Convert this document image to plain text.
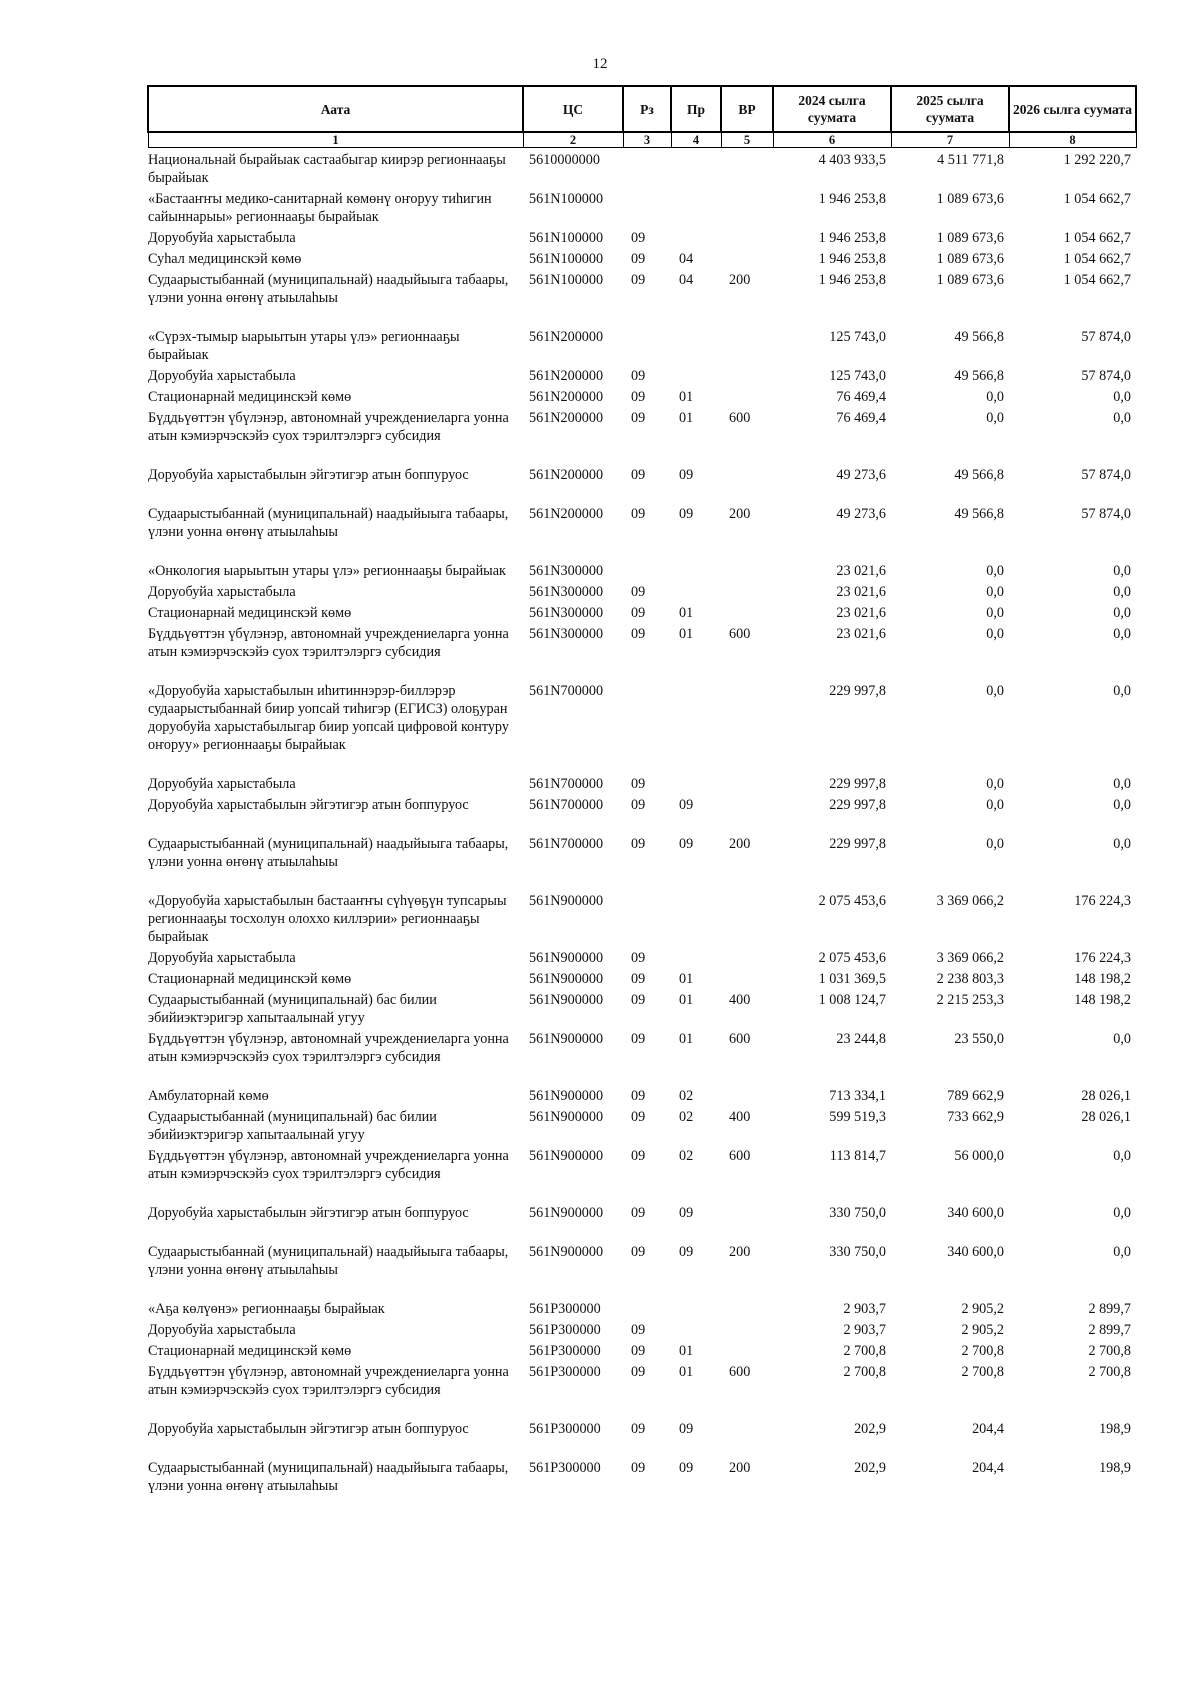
12
Аата	ЦС	Рз	Пр	ВР	2024 сылга суумата	2025 сылга суумата	2026 сылга суумата
1	2	3	4	5	6	7	8
Национальнай бырайыак састаабыгар киирэр регионнааҕы бырайыак	5610000000				4 403 933,5	4 511 771,8	1 292 220,7
«Бастааҥҥы медико-санитарнай көмөнү оҥоруу тиһигин сайыннарыы» регионнааҕы бырайыак	561N100000				1 946 253,8	1 089 673,6	1 054 662,7
Доруобуйа харыстабыла	561N100000	09			1 946 253,8	1 089 673,6	1 054 662,7
Суһал медицинскэй көмө	561N100000	09	04		1 946 253,8	1 089 673,6	1 054 662,7
Судаарыстыбаннай (муниципальнай) наадыйыыга табаары, үлэни уонна өҥөнү атыылаһыы	561N100000	09	04	200	1 946 253,8	1 089 673,6	1 054 662,7
«Сүрэх-тымыр ыарыытын утары үлэ» регионнааҕы бырайыак	561N200000				125 743,0	49 566,8	57 874,0
Доруобуйа харыстабыла	561N200000	09			125 743,0	49 566,8	57 874,0
Стационарнай медицинскэй көмө	561N200000	09	01		76 469,4	0,0	0,0
Бүддьүөттэн үбүлэнэр, автономнай учреждениеларга уонна атын кэмиэрчэскэйэ суох тэрилтэлэргэ субсидия	561N200000	09	01	600	76 469,4	0,0	0,0
Доруобуйа харыстабылын эйгэтигэр атын боппуруос	561N200000	09	09		49 273,6	49 566,8	57 874,0
Судаарыстыбаннай (муниципальнай) наадыйыыга табаары, үлэни уонна өҥөнү атыылаһыы	561N200000	09	09	200	49 273,6	49 566,8	57 874,0
«Онкология ыарыытын утары үлэ» регионнааҕы бырайыак	561N300000				23 021,6	0,0	0,0
Доруобуйа харыстабыла	561N300000	09			23 021,6	0,0	0,0
Стационарнай медицинскэй көмө	561N300000	09	01		23 021,6	0,0	0,0
Бүддьүөттэн үбүлэнэр, автономнай учреждениеларга уонна атын кэмиэрчэскэйэ суох тэрилтэлэргэ субсидия	561N300000	09	01	600	23 021,6	0,0	0,0
«Доруобуйа харыстабылын иһитиннэрэр-биллэрэр судаарыстыбаннай биир уопсай тиһигэр (ЕГИСЗ) олоҕуран доруобуйа харыстабылыгар биир уопсай цифровой контуру оҥоруу» регионнааҕы бырайыак	561N700000				229 997,8	0,0	0,0
Доруобуйа харыстабыла	561N700000	09			229 997,8	0,0	0,0
Доруобуйа харыстабылын эйгэтигэр атын боппуруос	561N700000	09	09		229 997,8	0,0	0,0
Судаарыстыбаннай (муниципальнай) наадыйыыга табаары, үлэни уонна өҥөнү атыылаһыы	561N700000	09	09	200	229 997,8	0,0	0,0
«Доруобуйа харыстабылын бастааҥҥы сүһүөҕүн тупсарыы регионнааҕы тосхолун олоххо киллэрии» регионнааҕы бырайыак	561N900000				2 075 453,6	3 369 066,2	176 224,3
Доруобуйа харыстабыла	561N900000	09			2 075 453,6	3 369 066,2	176 224,3
Стационарнай медицинскэй көмө	561N900000	09	01		1 031 369,5	2 238 803,3	148 198,2
Судаарыстыбаннай (муниципальнай) бас билии эбийиэктэригэр хапытаалынай угуу	561N900000	09	01	400	1 008 124,7	2 215 253,3	148 198,2
Бүддьүөттэн үбүлэнэр, автономнай учреждениеларга уонна атын кэмиэрчэскэйэ суох тэрилтэлэргэ субсидия	561N900000	09	01	600	23 244,8	23 550,0	0,0
Амбулаторнай көмө	561N900000	09	02		713 334,1	789 662,9	28 026,1
Судаарыстыбаннай (муниципальнай) бас билии эбийиэктэригэр хапытаалынай угуу	561N900000	09	02	400	599 519,3	733 662,9	28 026,1
Бүддьүөттэн үбүлэнэр, автономнай учреждениеларга уонна атын кэмиэрчэскэйэ суох тэрилтэлэргэ субсидия	561N900000	09	02	600	113 814,7	56 000,0	0,0
Доруобуйа харыстабылын эйгэтигэр атын боппуруос	561N900000	09	09		330 750,0	340 600,0	0,0
Судаарыстыбаннай (муниципальнай) наадыйыыга табаары, үлэни уонна өҥөнү атыылаһыы	561N900000	09	09	200	330 750,0	340 600,0	0,0
«Аҕа көлүөнэ» регионнааҕы бырайыак	561P300000				2 903,7	2 905,2	2 899,7
Доруобуйа харыстабыла	561P300000	09			2 903,7	2 905,2	2 899,7
Стационарнай медицинскэй көмө	561P300000	09	01		2 700,8	2 700,8	2 700,8
Бүддьүөттэн үбүлэнэр, автономнай учреждениеларга уонна атын кэмиэрчэскэйэ суох тэрилтэлэргэ субсидия	561P300000	09	01	600	2 700,8	2 700,8	2 700,8
Доруобуйа харыстабылын эйгэтигэр атын боппуруос	561P300000	09	09		202,9	204,4	198,9
Судаарыстыбаннай (муниципальнай) наадыйыыга табаары, үлэни уонна өҥөнү атыылаһыы	561P300000	09	09	200	202,9	204,4	198,9
